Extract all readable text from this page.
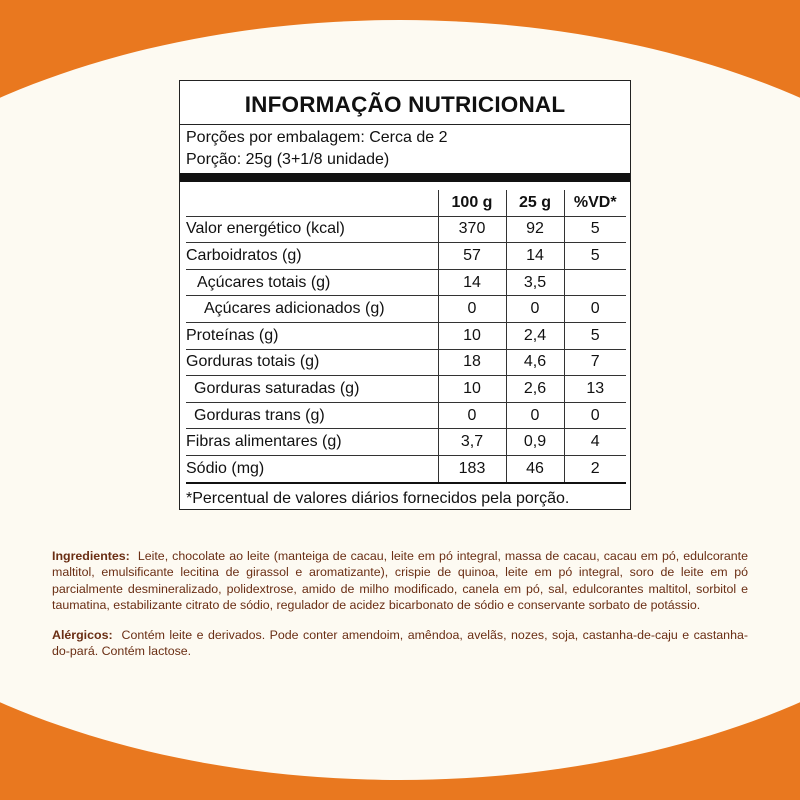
INFORMAÇÃO NUTRICIONAL
Porções por embalagem: Cerca de 2
Porção: 25g (3+1/8 unidade)
	100 g	25 g	%VD*
Valor energético (kcal)	370	92	5
Carboidratos (g)	57	14	5
Açúcares totais (g)	14	3,5	
Açúcares adicionados (g)	0	0	0
Proteínas (g)	10	2,4	5
Gorduras totais (g)	18	4,6	7
Gorduras saturadas (g)	10	2,6	13
Gorduras trans (g)	0	0	0
Fibras alimentares (g)	3,7	0,9	4
Sódio (mg)	183	46	2
*Percentual de valores diários fornecidos pela porção.
Ingredientes: Leite, chocolate ao leite (manteiga de cacau, leite em pó integral, massa de cacau, cacau em pó, edulcorante maltitol, emulsificante lecitina de girassol e aromatizante), crispie de quinoa, leite em pó integral, soro de leite em pó parcialmente desmineralizado, polidextrose, amido de milho modificado, canela em pó, sal, edulcorantes maltitol, sorbitol e taumatina, estabilizante citrato de sódio, regulador de acidez bicarbonato de sódio e conservante sorbato de potássio.
Alérgicos: Contém leite e derivados. Pode conter amendoim, amêndoa, avelãs, nozes, soja, castanha-de-caju e castanha-do-pará. Contém lactose.
